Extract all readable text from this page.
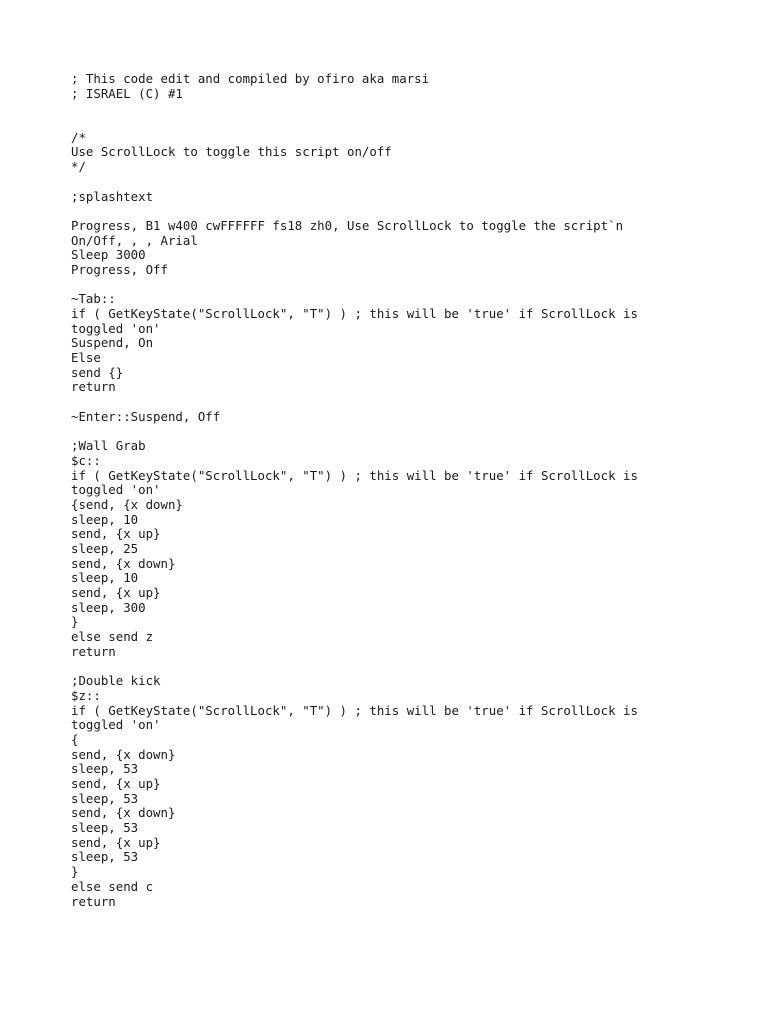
; This code edit and compiled by ofiro aka marsi
; ISRAEL (C) #1
/*
Use ScrollLock to toggle this script on/off
*/
;splashtext
Progress, B1 w400 cwFFFFFF fs18 zh0, Use ScrollLock to toggle the script`n
On/Off, , , Arial
Sleep 3000
Progress, Off
~Tab::
if ( GetKeyState("ScrollLock", "T") ) ; this will be 'true' if ScrollLock is
toggled 'on'
Suspend, On
Else
send {}
return
~Enter::Suspend, Off
;Wall Grab
$c::
if ( GetKeyState("ScrollLock", "T") ) ; this will be 'true' if ScrollLock is
toggled 'on'
{send, {x down}
sleep, 10
send, {x up}
sleep, 25
send, {x down}
sleep, 10
send, {x up}
sleep, 300
}
else send z
return
;Double kick
$z::
if ( GetKeyState("ScrollLock", "T") ) ; this will be 'true' if ScrollLock is
toggled 'on'
{
send, {x down}
sleep, 53
send, {x up}
sleep, 53
send, {x down}
sleep, 53
send, {x up}
sleep, 53
}
else send c
return
